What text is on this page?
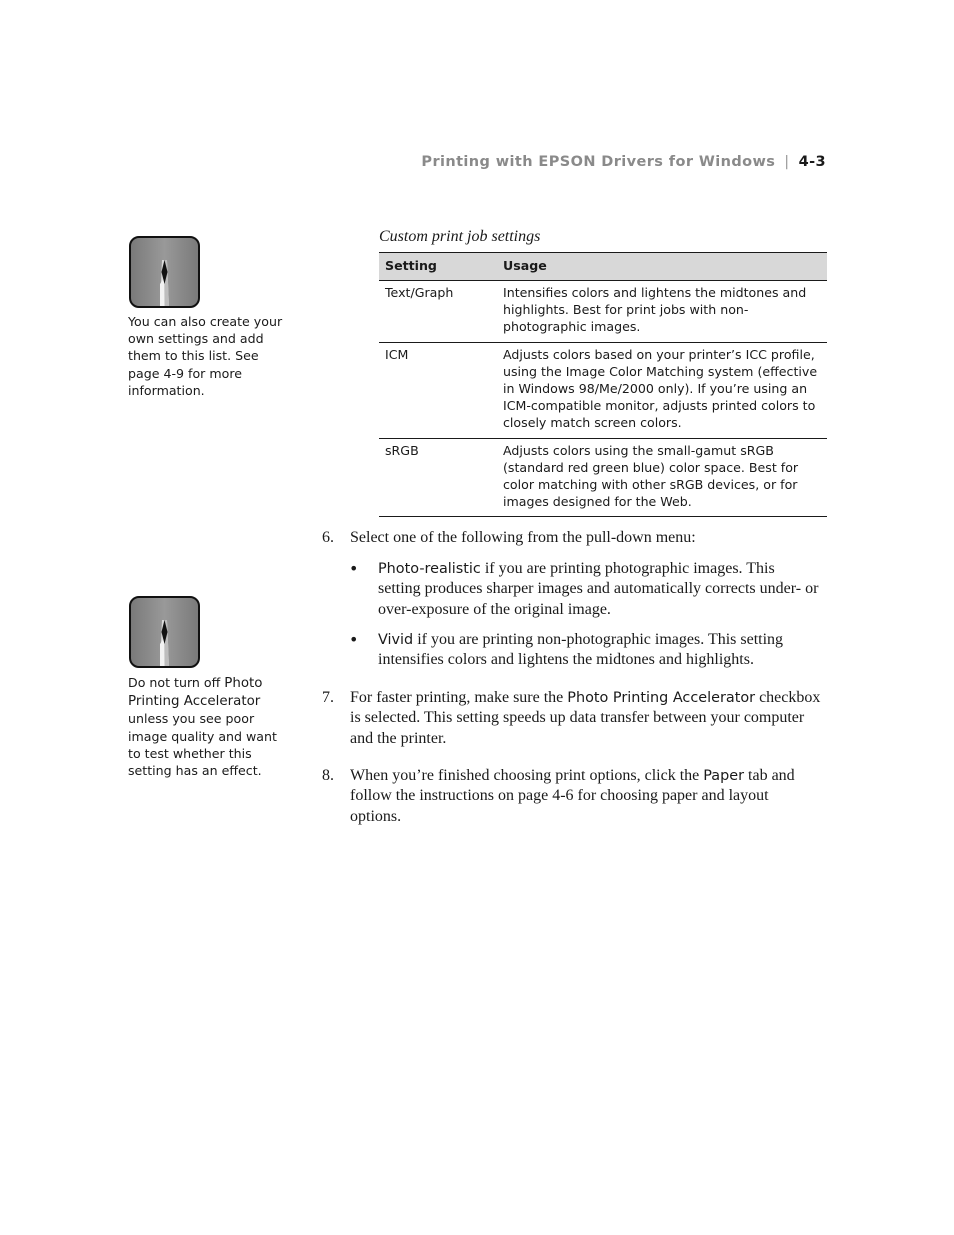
Printing with EPSON Drivers for Windows | 4-3
You can also create your own settings and add them to this list. See page 4-9 for more information.
Do not turn off Photo Printing Accelerator unless you see poor image quality and want to test whether this setting has an effect.
Custom print job settings
Setting	Usage
Text/Graph	Intensifies colors and lightens the midtones and highlights. Best for print jobs with non-photographic images.
ICM	Adjusts colors based on your printer’s ICC profile, using the Image Color Matching system (effective in Windows 98/Me/2000 only). If you’re using an ICM-compatible monitor, adjusts printed colors to closely match screen colors.
sRGB	Adjusts colors using the small-gamut sRGB (standard red green blue) color space. Best for color matching with other sRGB devices, or for images designed for the Web.
6. Select one of the following from the pull-down menu:
• Photo-realistic if you are printing photographic images. This setting produces sharper images and automatically corrects under- or over-exposure of the original image.
• Vivid if you are printing non-photographic images. This setting intensifies colors and lightens the midtones and highlights.
7. For faster printing, make sure the Photo Printing Accelerator checkbox is selected. This setting speeds up data transfer between your computer and the printer.
8. When you’re finished choosing print options, click the Paper tab and follow the instructions on page 4-6 for choosing paper and layout options.
